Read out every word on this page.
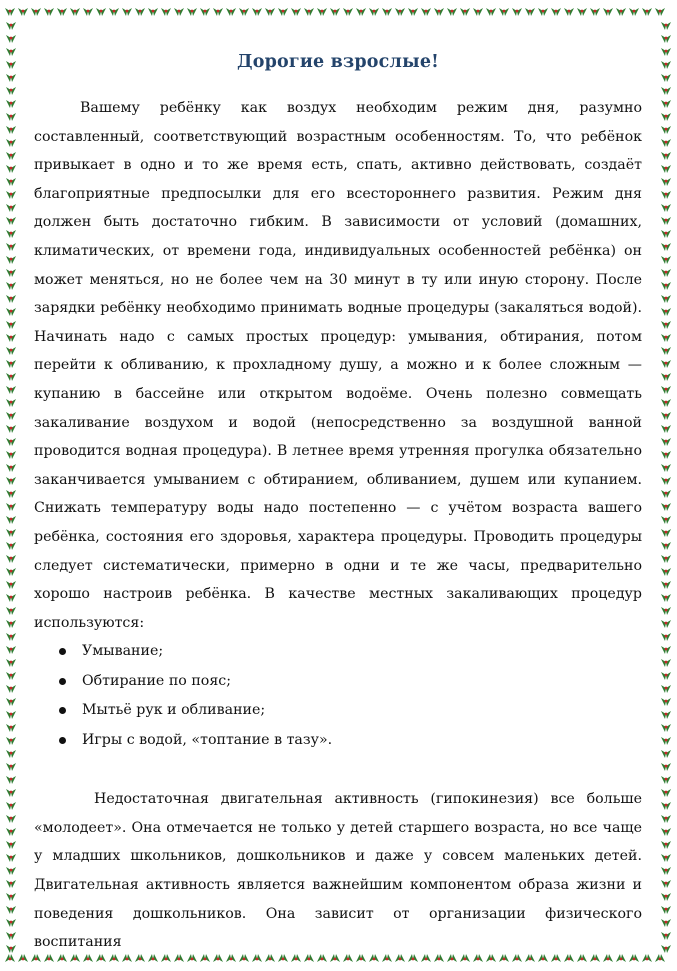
Дорогие взрослые!

Вашему ребёнку как воздух необходим режим дня, разумно составленный, соответствующий возрастным особенностям. То, что ребёнок привыкает в одно и то же время есть, спать, активно действовать, создаёт благоприятные предпосылки для его всестороннего развития. Режим дня должен быть достаточно гибким. В зависимости от условий (домашних, климатических, от времени года, индивидуальных особенностей ребёнка) он может меняться, но не более чем на 30 минут в ту или иную сторону. После зарядки ребёнку необходимо принимать водные процедуры (закаляться водой). Начинать надо с самых простых процедур: умывания, обтирания, потом перейти к обливанию, к прохладному душу, а можно и к более сложным — купанию в бассейне или открытом водоёме. Очень полезно совмещать закаливание воздухом и водой (непосредственно за воздушной ванной проводится водная процедура). В летнее время утренняя прогулка обязательно заканчивается умыванием с обтиранием, обливанием, душем или купанием. Снижать температуру воды надо постепенно — с учётом возраста вашего ребёнка, состояния его здоровья, характера процедуры. Проводить процедуры следует систематически, примерно в одни и те же часы, предварительно хорошо настроив ребёнка. В качестве местных закаливающих процедур используются:

Умывание;
Обтирание по пояс;
Мытьё рук и обливание;
Игры с водой, «топтание в тазу».

Недостаточная двигательная активность (гипокинезия) все больше «молодеет». Она отмечается не только у детей старшего возраста, но все чаще у младших школьников, дошкольников и даже у совсем маленьких детей. Двигательная активность является важнейшим компонентом образа жизни и поведения дошкольников. Она зависит от организации физического воспитания
